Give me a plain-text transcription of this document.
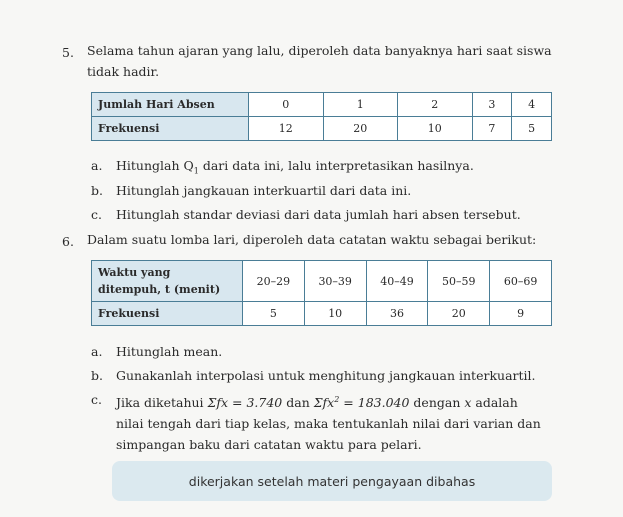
5. Selama tahun ajaran yang lalu, diperoleh data banyaknya hari saat siswa
tidak hadir.
Jumlah Hari Absen	0	1	2	3	4
Frekuensi	12	20	10	7	5
a. Hitunglah $Q_1$ dari data ini, lalu interpretasikan hasilnya.
b. Hitunglah jangkauan interkuartil dari data ini.
c. Hitunglah standar deviasi dari data jumlah hari absen tersebut.
6. Dalam suatu lomba lari, diperoleh data catatan waktu sebagai berikut:
Waktu yang
ditempuh, t (menit)	20–29	30–39	40–49	50–59	60–69
Frekuensi	5	10	36	20	9
a. Hitunglah mean.
b. Gunakanlah interpolasi untuk menghitung jangkauan interkuartil.
c. Jika diketahui Σfx = 3.740 dan Σfx$^2$ = 183.040 dengan x adalah
nilai tengah dari tiap kelas, maka tentukanlah nilai dari varian dan
simpangan baku dari catatan waktu para pelari.
dikerjakan setelah materi pengayaan dibahas
